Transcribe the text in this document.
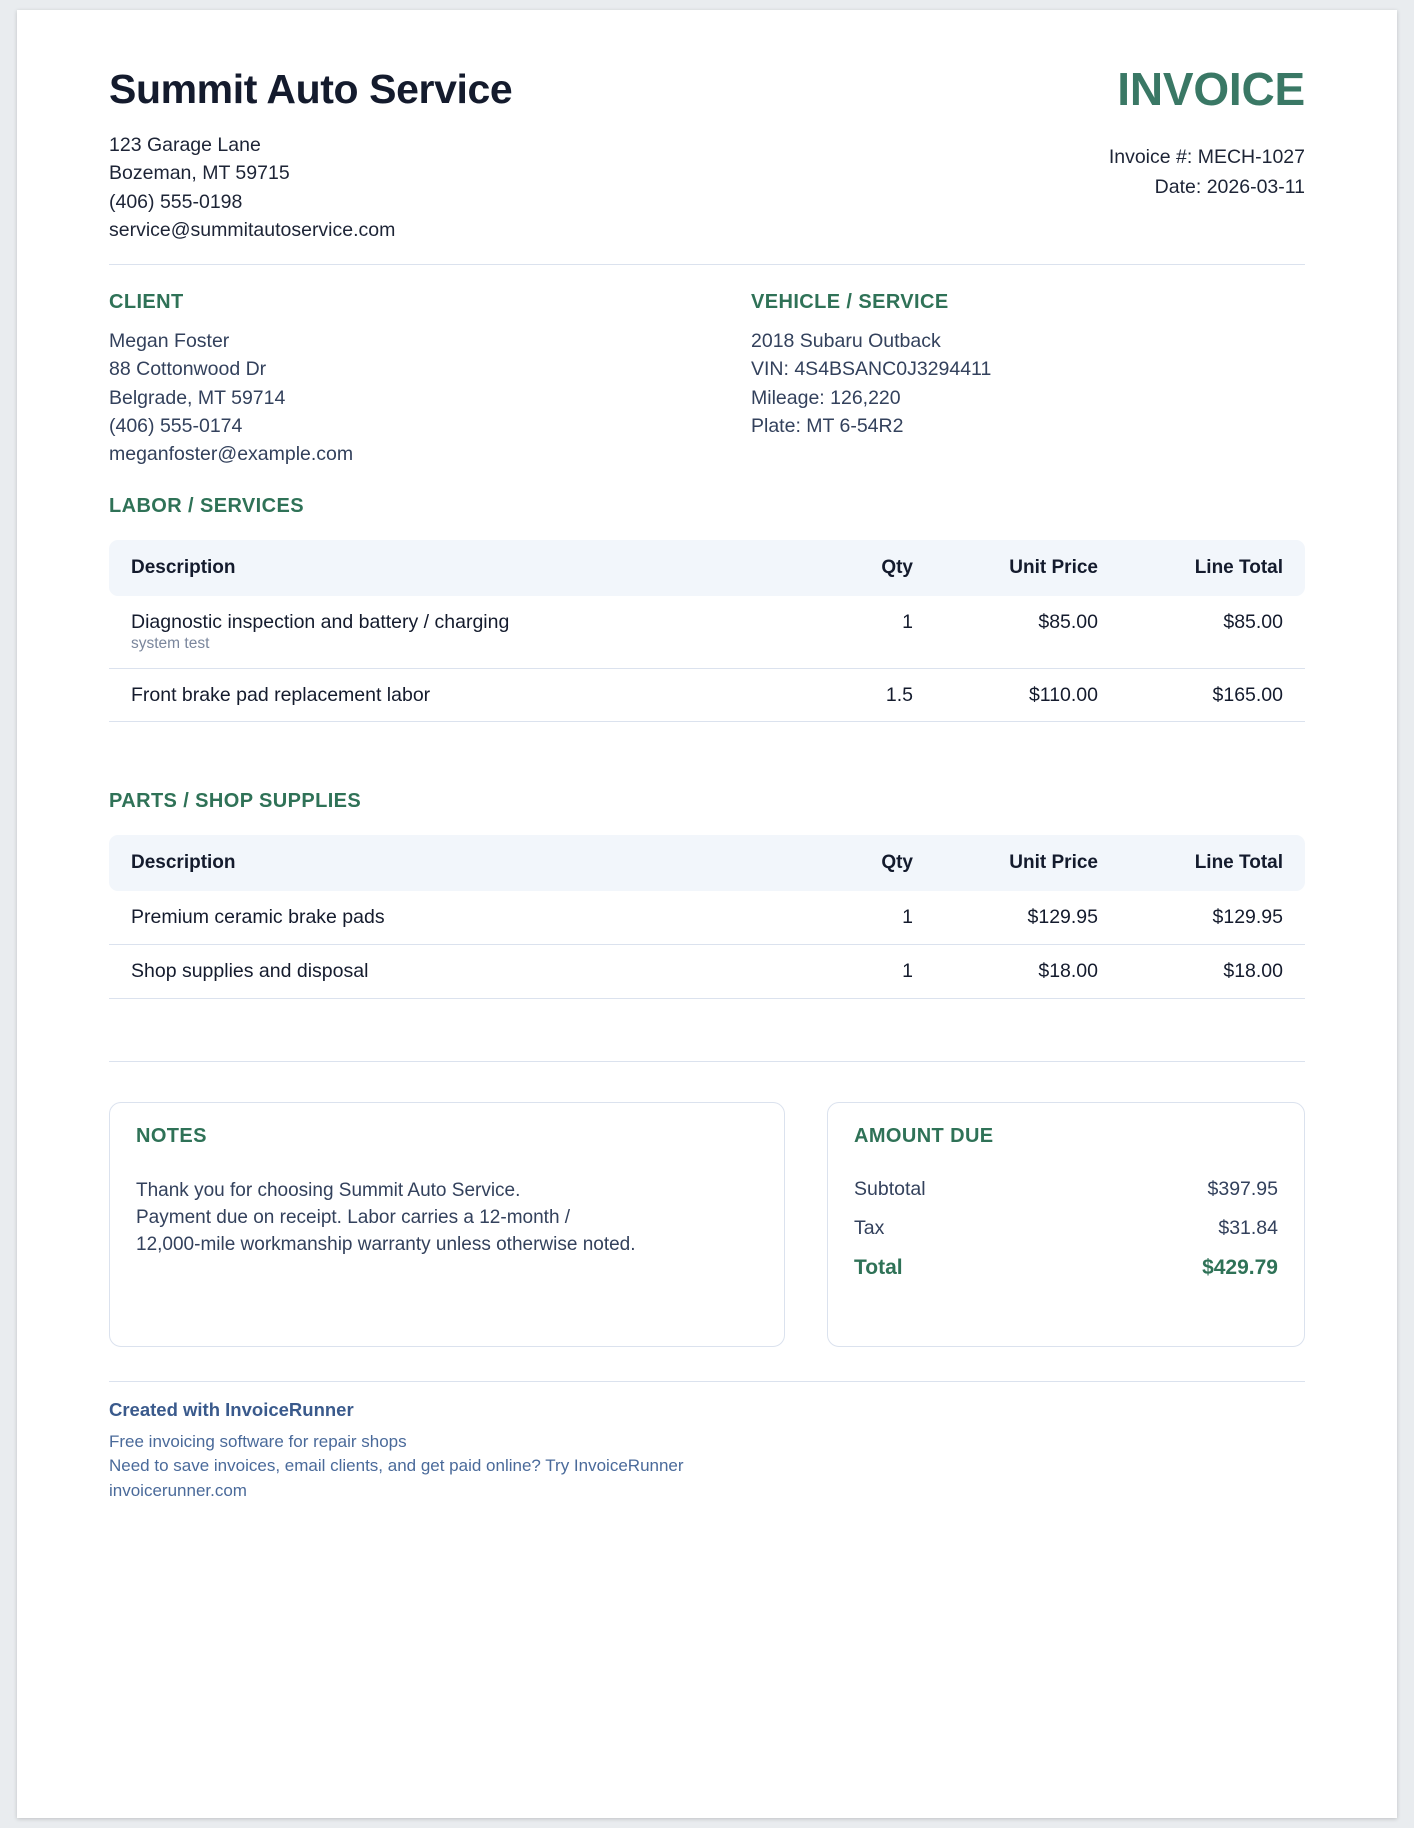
Summit Auto Service
123 Garage Lane
Bozeman, MT 59715
(406) 555-0198
service@summitautoservice.com
INVOICE
Invoice #: MECH-1027
Date: 2026-03-11
CLIENT
Megan Foster
88 Cottonwood Dr
Belgrade, MT 59714
(406) 555-0174
meganfoster@example.com
VEHICLE / SERVICE
2018 Subaru Outback
VIN: 4S4BSANC0J3294411
Mileage: 126,220
Plate: MT 6-54R2
LABOR / SERVICES
Description	Qty	Unit Price	Line Total
Diagnostic inspection and battery / charging
system test	1	$85.00	$85.00
Front brake pad replacement labor	1.5	$110.00	$165.00
PARTS / SHOP SUPPLIES
Description	Qty	Unit Price	Line Total
Premium ceramic brake pads	1	$129.95	$129.95
Shop supplies and disposal	1	$18.00	$18.00
NOTES
Thank you for choosing Summit Auto Service.
Payment due on receipt. Labor carries a 12-month /
12,000-mile workmanship warranty unless otherwise noted.
AMOUNT DUE
Subtotal	$397.95
Tax	$31.84
Total	$429.79
Created with InvoiceRunner
Free invoicing software for repair shops
Need to save invoices, email clients, and get paid online? Try InvoiceRunner
invoicerunner.com
